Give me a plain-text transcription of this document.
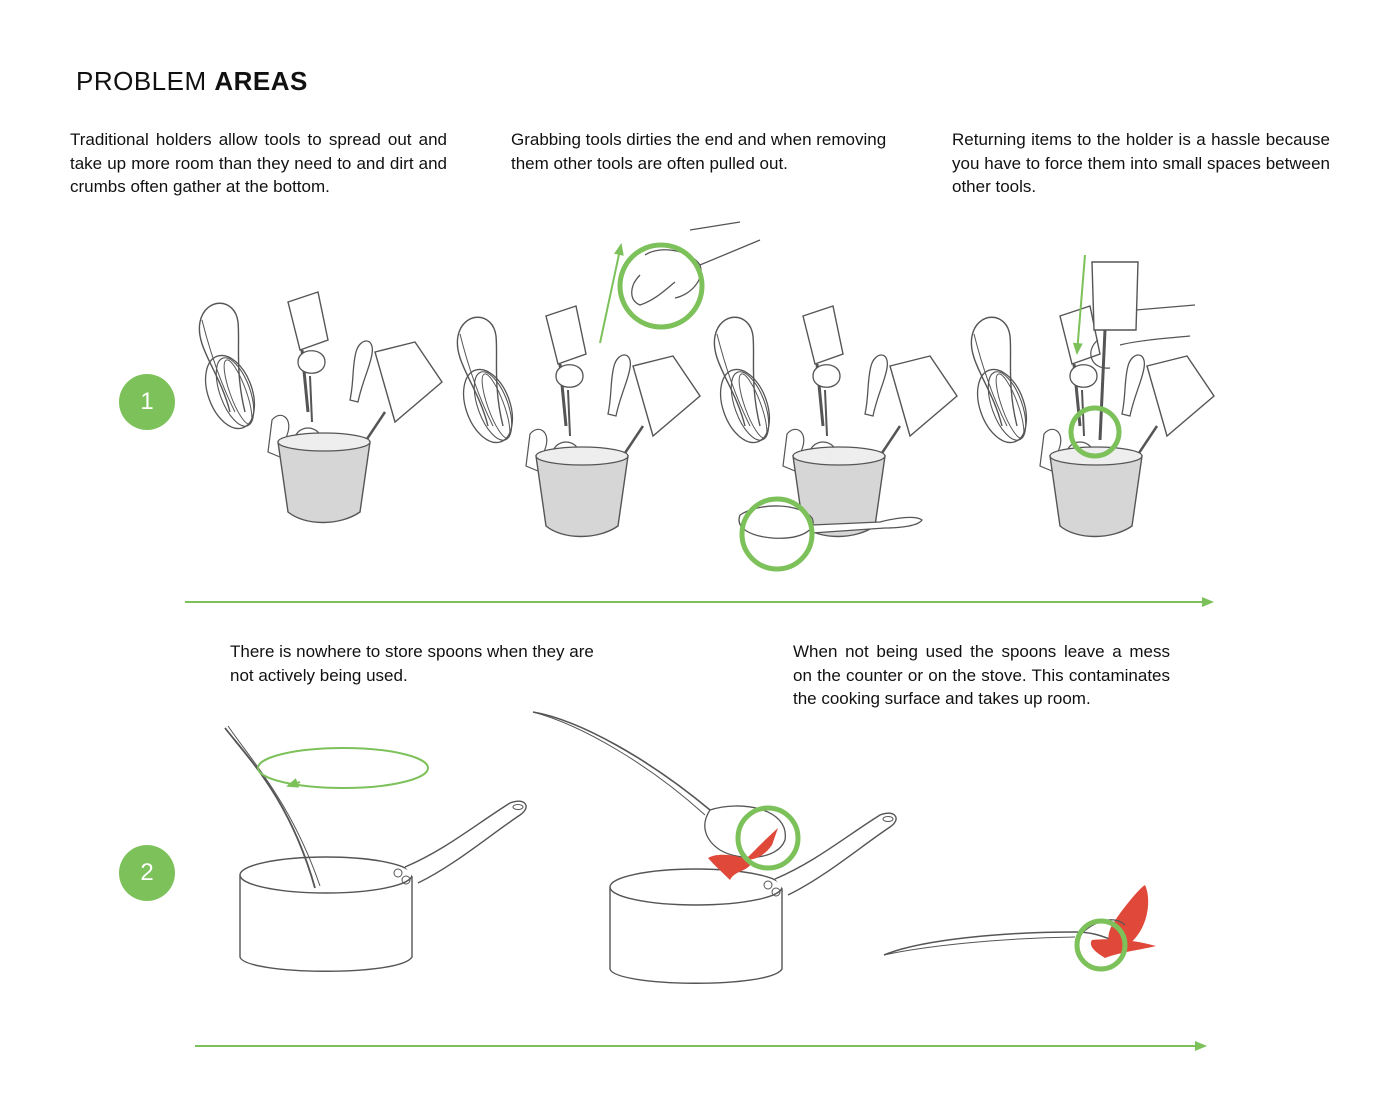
PROBLEM AREAS
Traditional holders allow tools to spread out and take up more room than they need to and dirt and crumbs often gather at the bottom.
Grabbing tools dirties the end and when removing them other tools are often pulled out.
Returning items to the holder is a hassle because you have to force them into small spaces between other tools.
There is nowhere to store spoons when they are not actively being used.
When not being used the spoons leave a mess on the counter or on the stove. This contaminates the cooking surface and takes up room.
1
2
